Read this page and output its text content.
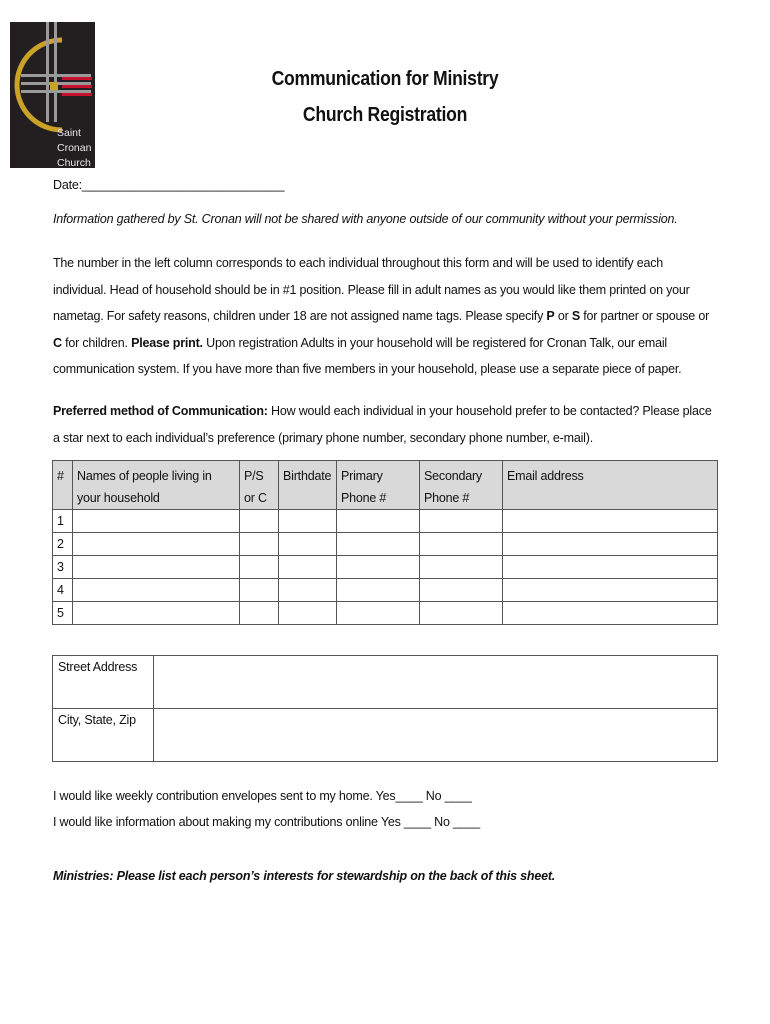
Saint
Cronan
Church
Communication for Ministry
Church Registration
Date:______________________________
Information gathered by St. Cronan will not be shared with anyone outside of our community without your permission.
The number in the left column corresponds to each individual throughout this form and will be used to identify each individual. Head of household should be in #1 position. Please fill in adult names as you would like them printed on your nametag. For safety reasons, children under 18 are not assigned name tags. Please specify P or S for partner or spouse or C for children. Please print. Upon registration Adults in your household will be registered for Cronan Talk, our email communication system. If you have more than five members in your household, please use a separate piece of paper.
Preferred method of Communication: How would each individual in your household prefer to be contacted? Please place a star next to each individual’s preference (primary phone number, secondary phone number, e-mail).
#	Names of people living in your household	P/S or C	Birthdate	Primary Phone #	Secondary Phone #	Email address
1						
2						
3						
4						
5						
Street Address	
City, State, Zip	
I would like weekly contribution envelopes sent to my home. Yes____ No ____
I would like information about making my contributions online Yes ____ No ____
Ministries: Please list each person’s interests for stewardship on the back of this sheet.
